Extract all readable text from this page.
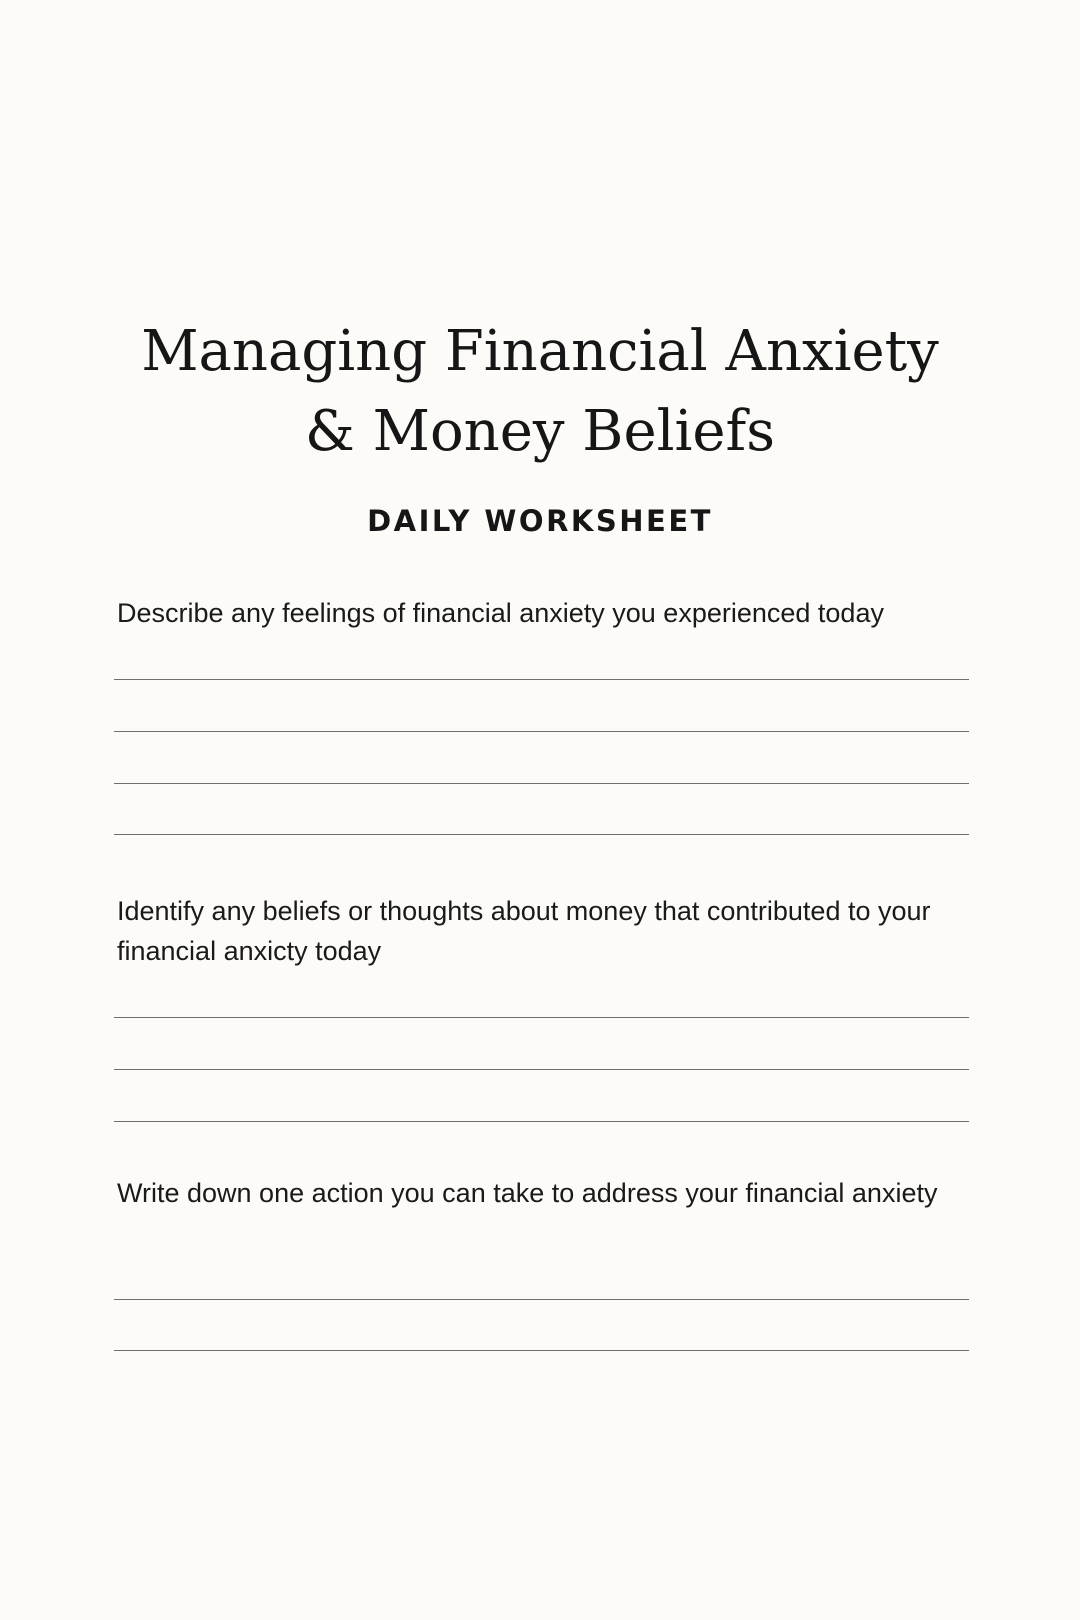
Managing Financial Anxiety
& Money Beliefs
DAILY WORKSHEET
Describe any feelings of financial anxiety you experienced today
Identify any beliefs or thoughts about money that contributed to your financial anxicty today
Write down one action you can take to address your financial anxiety
